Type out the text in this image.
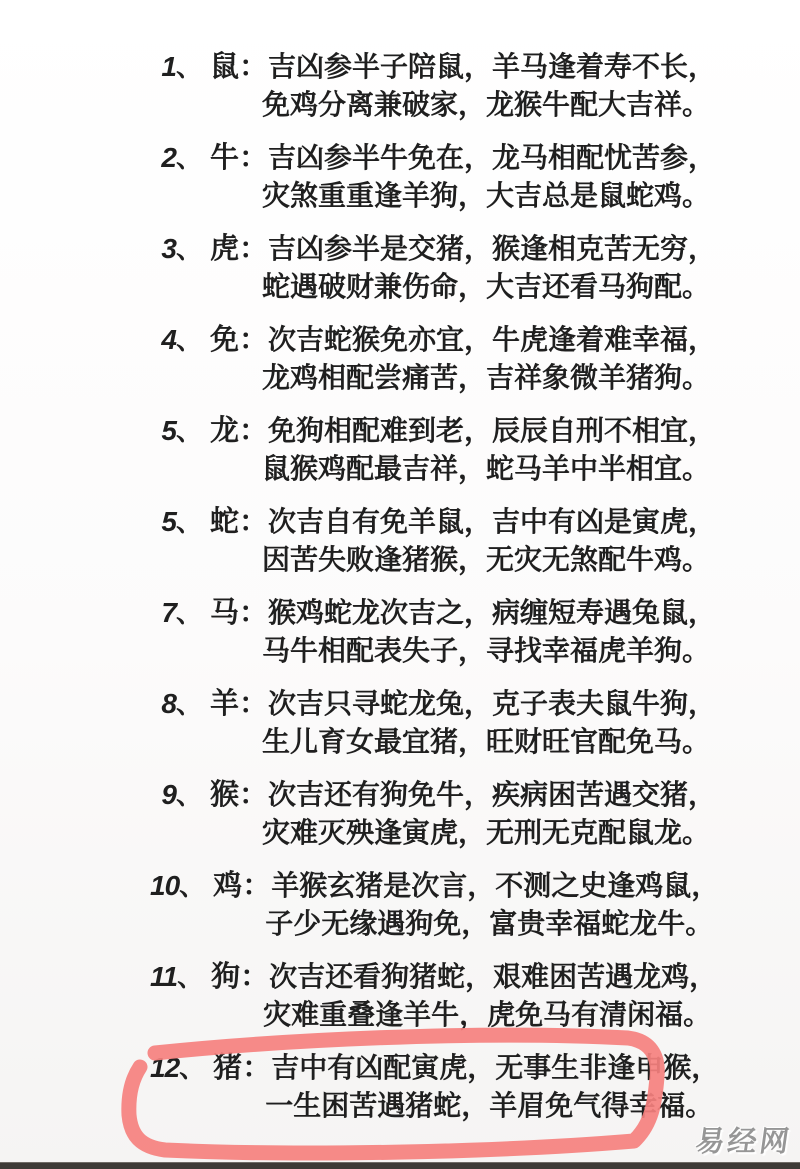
1、 鼠： 吉凶参半子陪鼠，羊马逢着寿不长，
免鸡分离兼破家，龙猴牛配大吉祥。
2、 牛： 吉凶参半牛免在，龙马相配忧苦参，
灾煞重重逢羊狗，大吉总是鼠蛇鸡。
3、 虎： 吉凶参半是交猪，猴逢相克苦无穷，
蛇遇破财兼伤命，大吉还看马狗配。
4、 免： 次吉蛇猴免亦宜，牛虎逢着难幸福，
龙鸡相配尝痛苦，吉祥象微羊猪狗。
5、 龙： 免狗相配难到老，辰辰自刑不相宜，
鼠猴鸡配最吉祥，蛇马羊中半相宜。
5、 蛇： 次吉自有免羊鼠，吉中有凶是寅虎，
因苦失败逢猪猴，无灾无煞配牛鸡。
7、 马： 猴鸡蛇龙次吉之，病缠短寿遇兔鼠，
马牛相配表失子，寻找幸福虎羊狗。
8、 羊： 次吉只寻蛇龙兔，克子表夫鼠牛狗，
生儿育女最宜猪，旺财旺官配免马。
9、 猴： 次吉还有狗免牛，疾病困苦遇交猪，
灾难灭殃逢寅虎，无刑无克配鼠龙。
10、 鸡： 羊猴玄猪是次言，不测之史逢鸡鼠，
子少无缘遇狗免，富贵幸福蛇龙牛。
11、 狗： 次吉还看狗猪蛇，艰难困苦遇龙鸡，
灾难重叠逢羊牛，虎免马有清闲福。
12、 猪： 吉中有凶配寅虎，无事生非逢申猴，
一生困苦遇猪蛇，羊眉免气得幸福。
易经网
